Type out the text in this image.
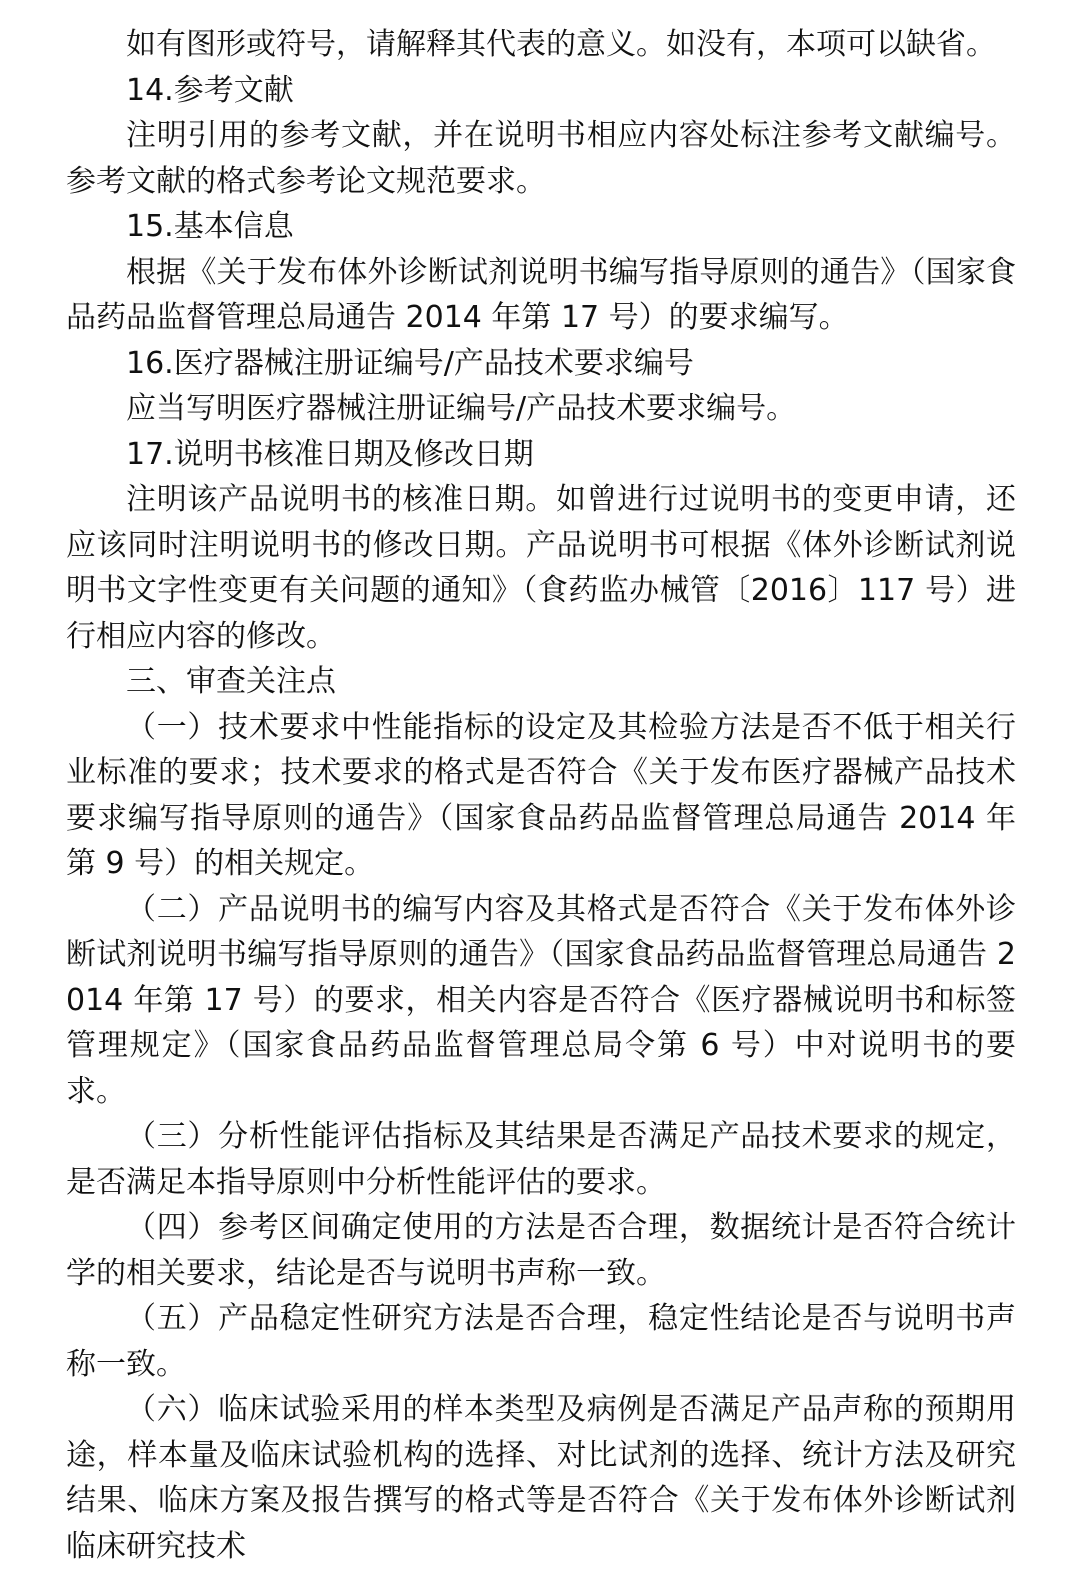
如有图形或符号，请解释其代表的意义。如没有，本项可以缺省。

14.参考文献

注明引用的参考文献，并在说明书相应内容处标注参考文献编号。参考文献的格式参考论文规范要求。

15.基本信息

根据《关于发布体外诊断试剂说明书编写指导原则的通告》（国家食品药品监督管理总局通告 2014 年第 17 号）的要求编写。

16.医疗器械注册证编号/产品技术要求编号

应当写明医疗器械注册证编号/产品技术要求编号。

17.说明书核准日期及修改日期

注明该产品说明书的核准日期。如曾进行过说明书的变更申请，还应该同时注明说明书的修改日期。产品说明书可根据《体外诊断试剂说明书文字性变更有关问题的通知》（食药监办械管〔2016〕117 号）进行相应内容的修改。

三、审查关注点

（一）技术要求中性能指标的设定及其检验方法是否不低于相关行业标准的要求；技术要求的格式是否符合《关于发布医疗器械产品技术要求编写指导原则的通告》（国家食品药品监督管理总局通告 2014 年第 9 号）的相关规定。

（二）产品说明书的编写内容及其格式是否符合《关于发布体外诊断试剂说明书编写指导原则的通告》（国家食品药品监督管理总局通告 2014 年第 17 号）的要求，相关内容是否符合《医疗器械说明书和标签管理规定》（国家食品药品监督管理总局令第 6 号）中对说明书的要求。

（三）分析性能评估指标及其结果是否满足产品技术要求的规定，是否满足本指导原则中分析性能评估的要求。

（四）参考区间确定使用的方法是否合理，数据统计是否符合统计学的相关要求，结论是否与说明书声称一致。

（五）产品稳定性研究方法是否合理，稳定性结论是否与说明书声称一致。

（六）临床试验采用的样本类型及病例是否满足产品声称的预期用途，样本量及临床试验机构的选择、对比试剂的选择、统计方法及研究结果、临床方案及报告撰写的格式等是否符合《关于发布体外诊断试剂临床研究技术
